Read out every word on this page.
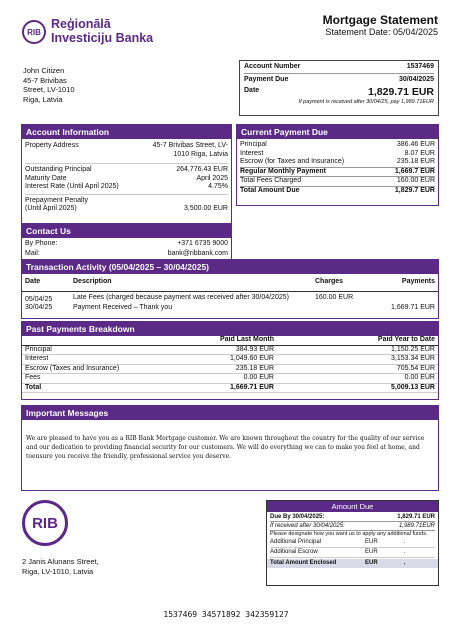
RIB
Reģionālā
Investiciju Banka
Mortgage Statement
Statement Date: 05/04/2025
John Citizen
45-7 Brivibas
Street, LV-1010
Riga, Latvia
Account Number	1537469
Payment Due	30/04/2025
Date	1,829.71 EUR
If payment is received after 30/04/25, pay 1,989.71EUR
Account Information
Property Address	45-7 Brivibas Street, LV-
1010 Riga, Latvia
Outstanding Principal	264,776.43 EUR
Maturity Date	April 2025
Interest Rate (Until April 2025)	4.75%
Prepayment Penalty
(Until April 2025)	3,500.00 EUR
Current Payment Due
Principal	386.46 EUR
Interest	8.07 EUR
Escrow (for Taxes and Insurance)	235.18 EUR
Regular Monthly Payment	1,669.7 EUR
Total Fees Charged	160.00 EUR
Total Amount Due	1,829.7 EUR
Contact Us
By Phone:	+371 6735 9000
Mail:	bank@ribbank.com
Transaction Activity (05/04/2025 – 30/04/2025)
Date	Description	Charges	Payments
05/04/25	Late Fees (charged because payment was received after 30/04/2025)	160.00 EUR	
30/04/25	Payment Received – Thank you		1,669.71 EUR
Past Payments Breakdown
	Paid Last Month	Paid Year to Date
Principal	384.93 EUR	1,150.25 EUR
Interest	1,049.60 EUR	3,153.34 EUR
Escrow (Taxes and Insurance)	235.18 EUR	705.54 EUR
Fees	0.00 EUR	0.00 EUR
Total	1,669.71 EUR	5,009.13 EUR
Important Messages
We are pleased to have you as a RIB Bank Mortgage customer. We are known throughout the country for the quality of our service and our dedication to providing financial security for our customers. We will do everything we can to make you feel at home, and toensure you receive the friendly, professional service you deserve.
RIB
2 Janis Alunans Street,
Riga, LV-1010, Latvia
Amount Due
Due By 30/04/2025:	1,829.71 EUR
If received after 30/04/2025:	1,989.71EUR
Please designate how you want us to apply any additional funds.
Additional Principal	EUR	.
Additional Escrow	EUR	.
Total Amount Enclosed	EUR	.
1537469 34571892 342359127
